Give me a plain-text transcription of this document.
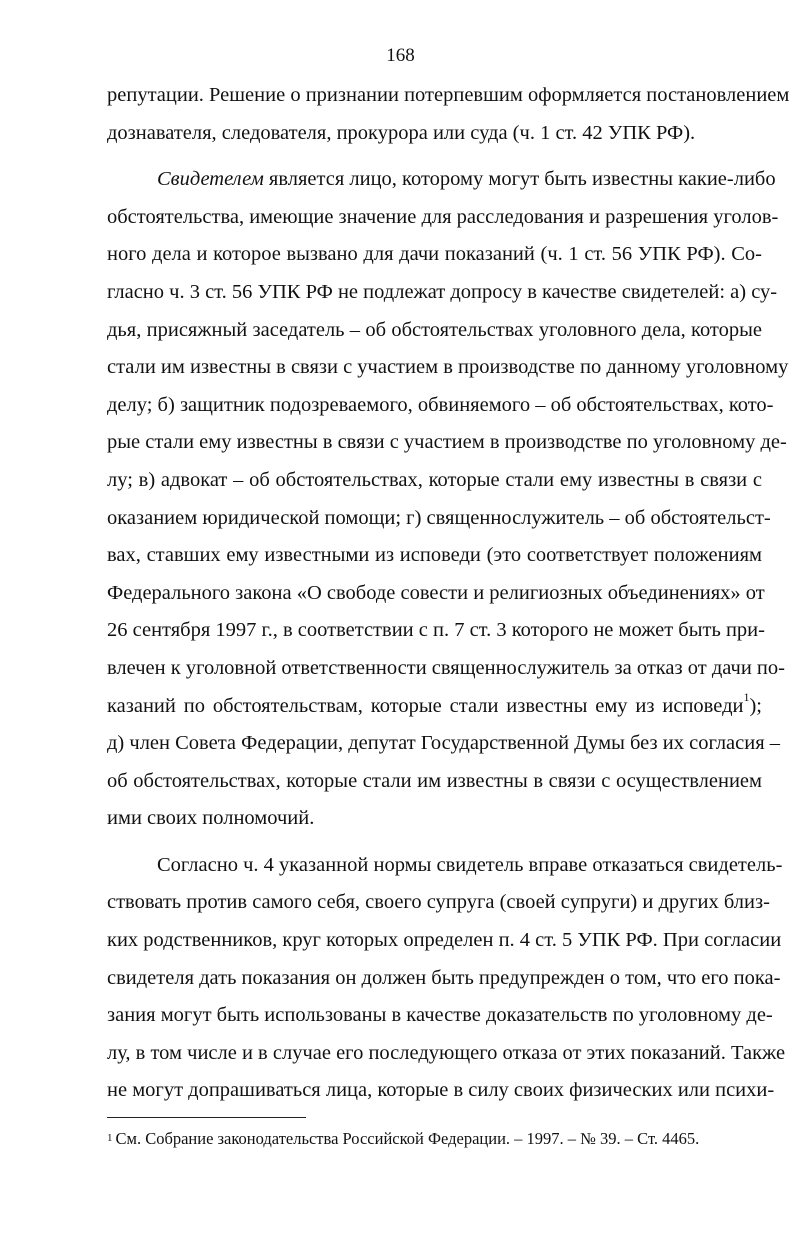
168
репутации. Решение о признании потерпевшим оформляется постановлением
дознавателя, следователя, прокурора или суда (ч. 1 ст. 42 УПК РФ).
Свидетелем является лицо, которому могут быть известны какие-либо
обстоятельства, имеющие значение для расследования и разрешения уголов-
ного дела и которое вызвано для дачи показаний (ч. 1 ст. 56 УПК РФ). Со-
гласно ч. 3 ст. 56 УПК РФ не подлежат допросу в качестве свидетелей: а) су-
дья, присяжный заседатель – об обстоятельствах уголовного дела, которые
стали им известны в связи с участием в производстве по данному уголовному
делу; б) защитник подозреваемого, обвиняемого – об обстоятельствах, кото-
рые стали ему известны в связи с участием в производстве по уголовному де-
лу; в) адвокат – об обстоятельствах, которые стали ему известны в связи с
оказанием юридической помощи; г) священнослужитель – об обстоятельст-
вах, ставших ему известными из исповеди (это соответствует положениям
Федерального закона «О свободе совести и религиозных объединениях» от
26 сентября 1997 г., в соответствии с п. 7 ст. 3 которого не может быть при-
влечен к уголовной ответственности священнослужитель за отказ от дачи по-
казаний по обстоятельствам, которые стали известны ему из исповеди$^1$);
д) член Совета Федерации, депутат Государственной Думы без их согласия –
об обстоятельствах, которые стали им известны в связи с осуществлением
ими своих полномочий.
Согласно ч. 4 указанной нормы свидетель вправе отказаться свидетель-
ствовать против самого себя, своего супруга (своей супруги) и других близ-
ких родственников, круг которых определен п. 4 ст. 5 УПК РФ. При согласии
свидетеля дать показания он должен быть предупрежден о том, что его пока-
зания могут быть использованы в качестве доказательств по уголовному де-
лу, в том числе и в случае его последующего отказа от этих показаний. Также
не могут допрашиваться лица, которые в силу своих физических или психи-
$^1$ См. Собрание законодательства Российской Федерации. – 1997. – № 39. – Ст. 4465.
